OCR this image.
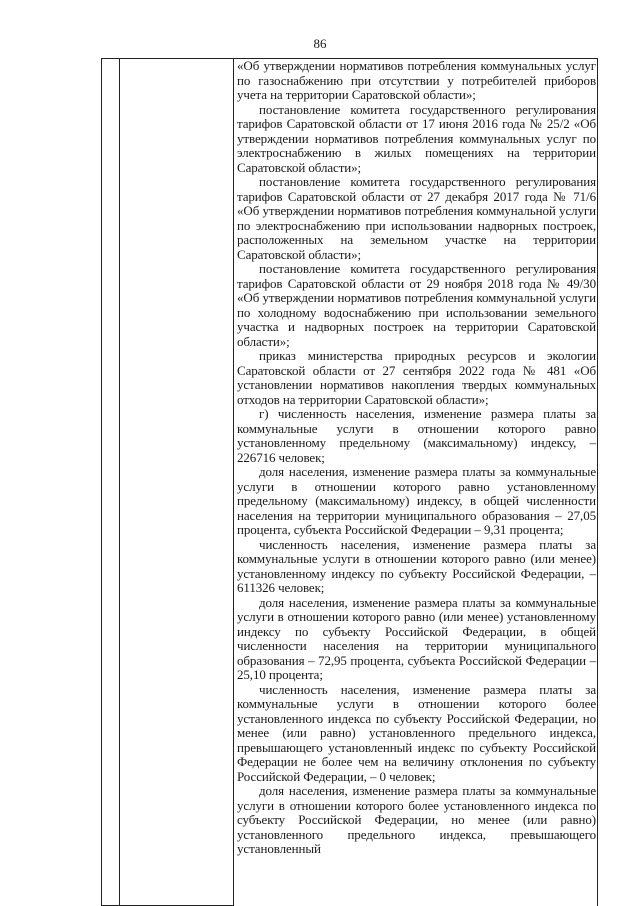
86

«Об утверждении нормативов потребления коммунальных услуг по газоснабжению при отсутствии у потребителей приборов учета на территории Саратовской области»;

постановление комитета государственного регулирования тарифов Саратовской области от 17 июня 2016 года № 25/2 «Об утверждении нормативов потребления коммунальных услуг по электроснабжению в жилых помещениях на территории Саратовской области»;

постановление комитета государственного регулирования тарифов Саратовской области от 27 декабря 2017 года № 71/6 «Об утверждении нормативов потребления коммунальной услуги по электроснабжению при использовании надворных построек, расположенных на земельном участке на территории Саратовской области»;

постановление комитета государственного регулирования тарифов Саратовской области от 29 ноября 2018 года № 49/30 «Об утверждении нормативов потребления коммунальной услуги по холодному водоснабжению при использовании земельного участка и надворных построек на территории Саратовской области»;

приказ министерства природных ресурсов и экологии Саратовской области от 27 сентября 2022 года № 481 «Об установлении нормативов накопления твердых коммунальных отходов на территории Саратовской области»;

г) численность населения, изменение размера платы за коммунальные услуги в отношении которого равно установленному предельному (максимальному) индексу, – 226716 человек;

доля населения, изменение размера платы за коммунальные услуги в отношении которого равно установленному предельному (максимальному) индексу, в общей численности населения на территории муниципального образования – 27,05 процента, субъекта Российской Федерации – 9,31 процента;

численность населения, изменение размера платы за коммунальные услуги в отношении которого равно (или менее) установленному индексу по субъекту Российской Федерации, – 611326 человек;

доля населения, изменение размера платы за коммунальные услуги в отношении которого равно (или менее) установленному индексу по субъекту Российской Федерации, в общей численности населения на территории муниципального образования – 72,95 процента, субъекта Российской Федерации – 25,10 процента;

численность населения, изменение размера платы за коммунальные услуги в отношении которого более установленного индекса по субъекту Российской Федерации, но менее (или равно) установленного предельного индекса, превышающего установленный индекс по субъекту Российской Федерации не более чем на величину отклонения по субъекту Российской Федерации, – 0 человек;

доля населения, изменение размера платы за коммунальные услуги в отношении которого более установленного индекса по субъекту Российской Федерации, но менее (или равно) установленного предельного индекса, превышающего установленный
